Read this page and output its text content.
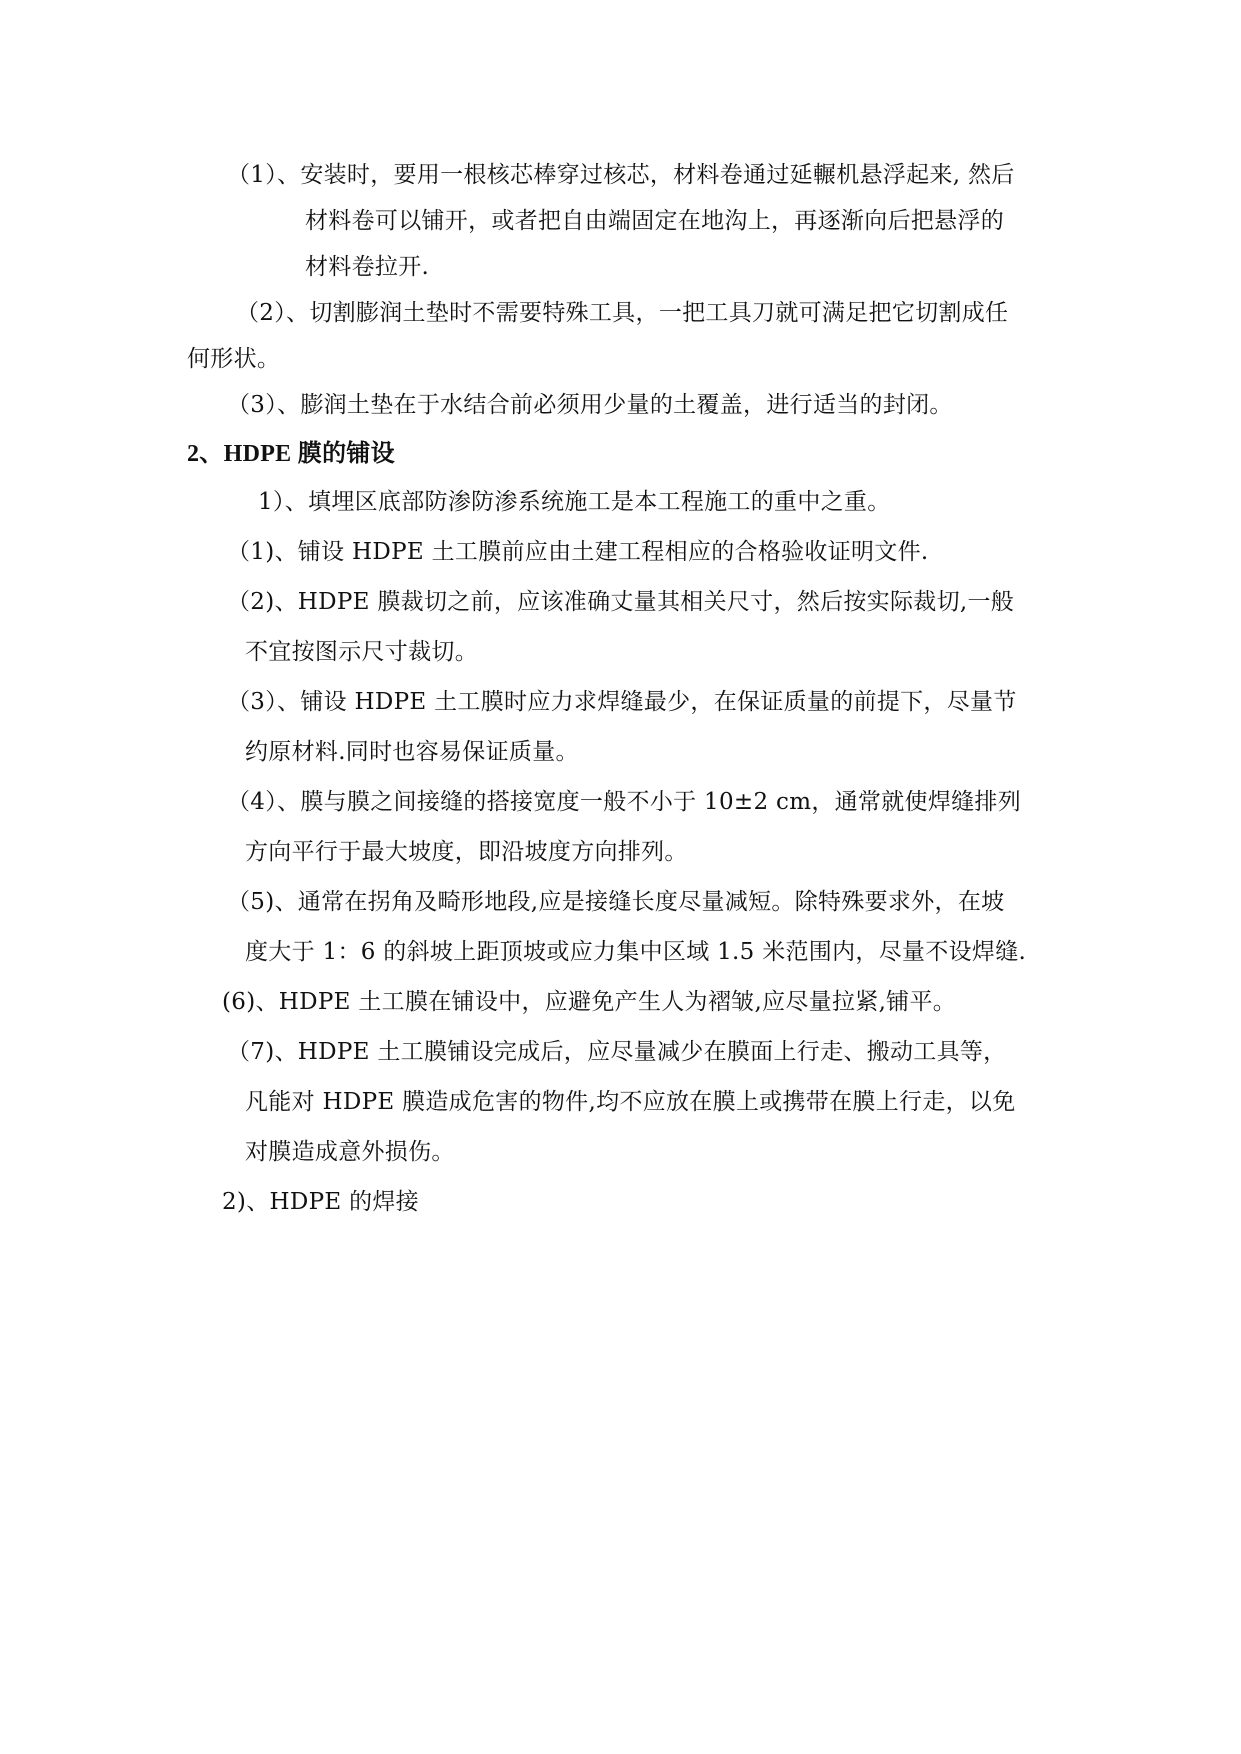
（1）、安装时，要用一根核芯棒穿过核芯，材料卷通过延輾机悬浮起来, 然后
材料卷可以铺开，或者把自由端固定在地沟上，再逐渐向后把悬浮的
材料卷拉开.
（2）、切割膨润土垫时不需要特殊工具，一把工具刀就可满足把它切割成任
何形状。
（3）、膨润土垫在于水结合前必须用少量的土覆盖，进行适当的封闭。
2、HDPE 膜的铺设
1）、填埋区底部防渗防渗系统施工是本工程施工的重中之重。
（1)、铺设 HDPE 土工膜前应由土建工程相应的合格验收证明文件.
（2)、HDPE 膜裁切之前，应该准确丈量其相关尺寸，然后按实际裁切,一般
不宜按图示尺寸裁切。
（3）、铺设 HDPE 土工膜时应力求焊缝最少，在保证质量的前提下，尽量节
约原材料.同时也容易保证质量。
（4）、膜与膜之间接缝的搭接宽度一般不小于 10±2 cm，通常就使焊缝排列
方向平行于最大坡度，即沿坡度方向排列。
（5)、通常在拐角及畸形地段,应是接缝长度尽量减短。除特殊要求外，在坡
度大于 1：6 的斜坡上距顶坡或应力集中区域 1.5 米范围内，尽量不设焊缝.
(6)、HDPE 土工膜在铺设中，应避免产生人为褶皱,应尽量拉紧,铺平。
（7)、HDPE 土工膜铺设完成后，应尽量减少在膜面上行走、搬动工具等，
凡能对 HDPE 膜造成危害的物件,均不应放在膜上或携带在膜上行走，以免
对膜造成意外损伤。
2)、HDPE 的焊接
